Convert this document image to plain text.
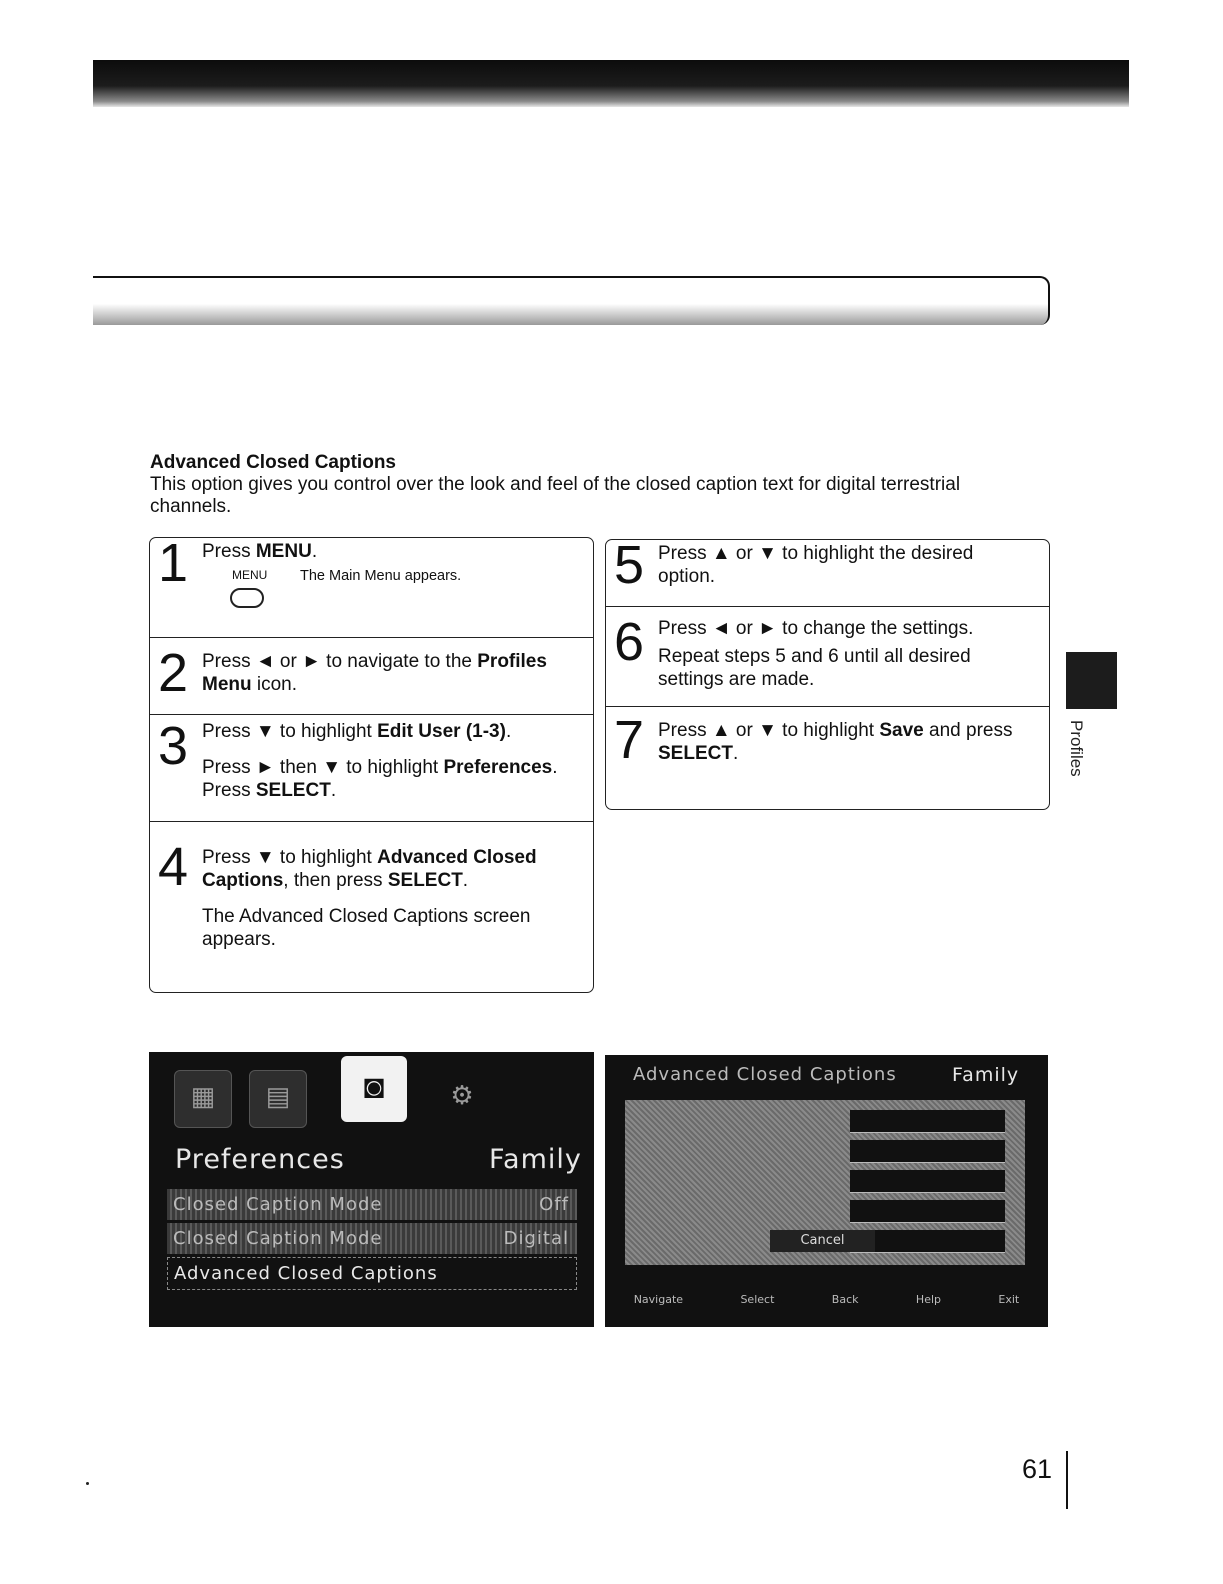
Advanced Closed Captions
This option gives you control over the look and feel of the closed caption text for digital terrestrial channels.
1 Press MENU.
MENU The Main Menu appears.
2 Press ◄ or ► to navigate to the Profiles Menu icon.
3 Press ▼ to highlight Edit User (1-3).
Press ► then ▼ to highlight Preferences.
Press SELECT.
4 Press ▼ to highlight Advanced Closed Captions, then press SELECT.
The Advanced Closed Captions screen appears.
5 Press ▲ or ▼ to highlight the desired option.
6 Press ◄ or ► to change the settings.
Repeat steps 5 and 6 until all desired settings are made.
7 Press ▲ or ▼ to highlight Save and press SELECT.
▦	▤	◙	⚙
Preferences	Family
Closed Caption Mode	Off
Closed Caption Mode	Digital
Advanced Closed Captions
Advanced Closed Captions	Family
Cancel
Navigate	Select	Back	Help	Exit
Profiles
61
